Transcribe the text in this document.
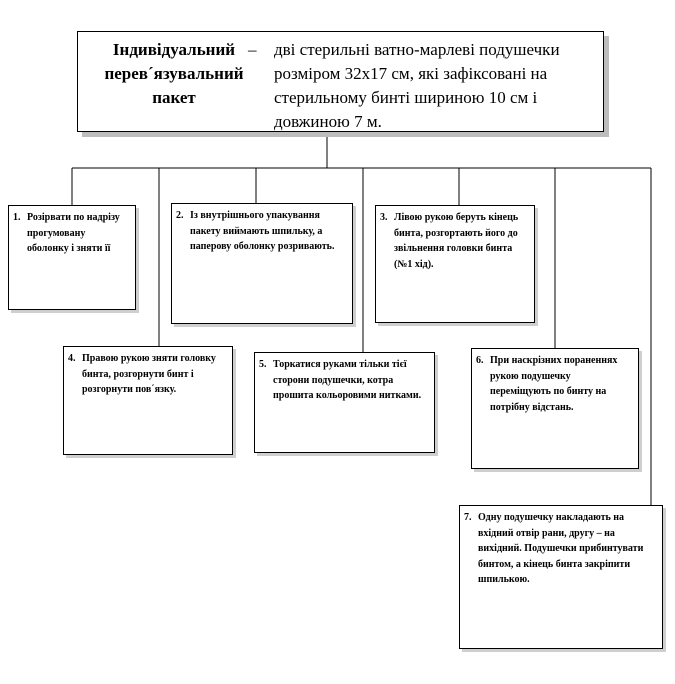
Індивідуальний
перев´язувальний
пакет
– дві стерильні ватно-марлеві подушечки розміром 32х17 см, які зафіксовані на стерильному бинті шириною 10 см і довжиною 7 м.
1. Розірвати по надрізу прогумовану оболонку і зняти її
2. Із внутрішнього упакування пакету виймають шпильку, а паперову оболонку розривають.
3. Лівою рукою беруть кінець бинта, розгортають його до звільнення головки бинта (№1 хід).
4. Правою рукою зняти головку бинта, розгорнути бинт і розгорнути пов´язку.
5. Торкатися руками тільки тієї сторони подушечки, котра прошита кольоровими нитками.
6. При наскрізних пораненнях рукою подушечку переміщують по бинту на потрібну відстань.
7. Одну подушечку накладають на вхідний отвір рани, другу – на вихідний. Подушечки прибинтувати бинтом, а кінець бинта закріпити шпилькою.
